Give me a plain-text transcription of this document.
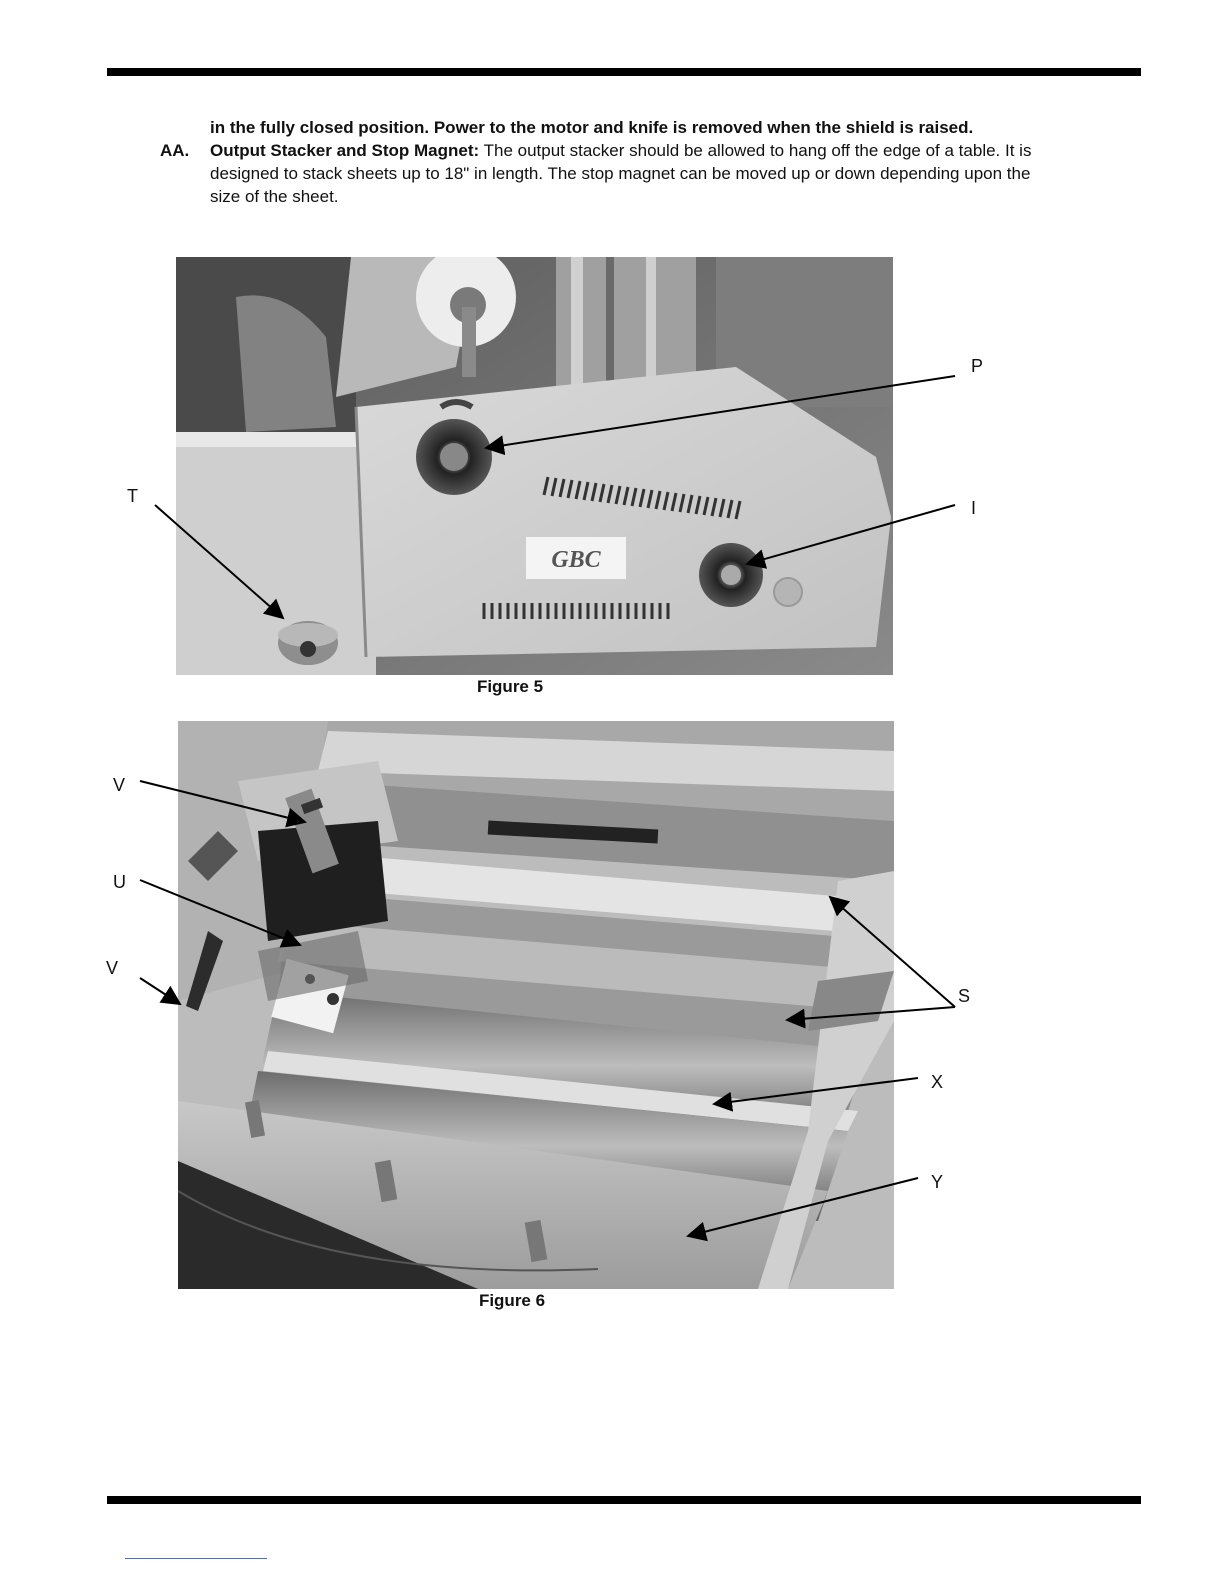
in the fully closed position. Power to the motor and knife is removed when the shield is raised.
AA.	Output Stacker and Stop Magnet: The output stacker should be allowed to hang off the edge of a table. It is designed to stack sheets up to 18" in length. The stop magnet can be moved up or down depending upon the size of the sheet.
GBC
Figure 5
Figure 6
P
I
T
V
U
V
S
X
Y
